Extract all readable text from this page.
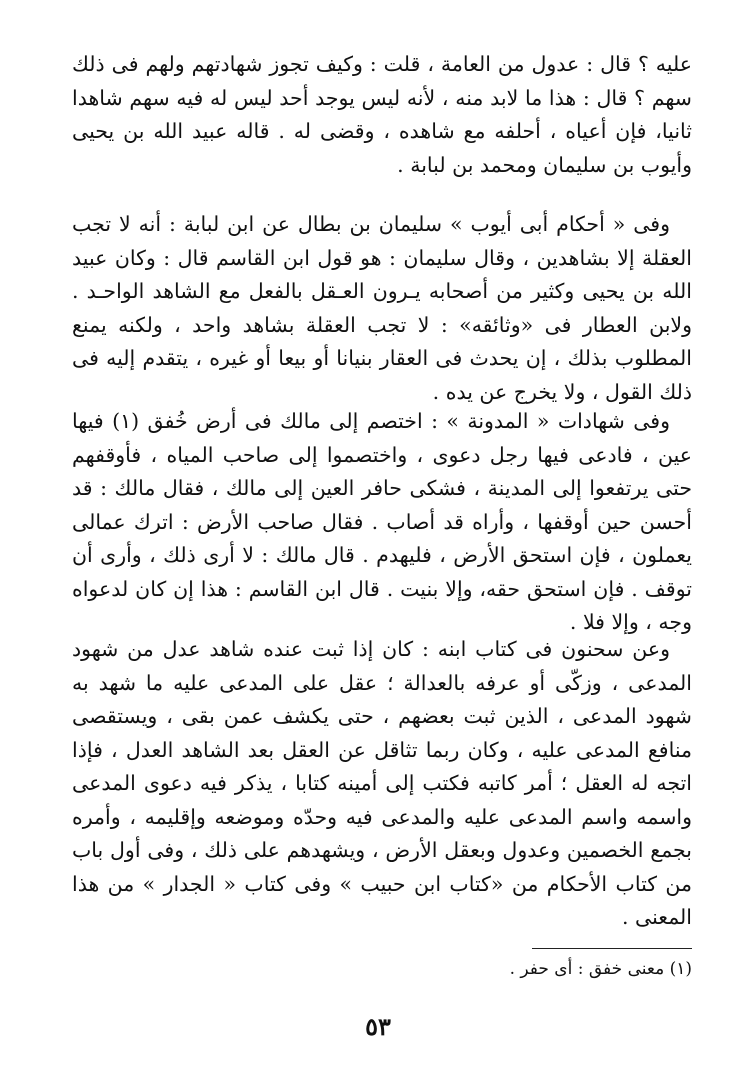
عليه ؟ قال : عدول من العامة ، قلت : وكيف تجوز شهادتهم ولهم فى ذلك سهم ؟ قال : هذا ما لابد منه ، لأنه ليس يوجد أحد ليس له فيه سهم شاهدا ثانيا، فإن أعياه ، أحلفه مع شاهده ، وقضى له . قاله عبيد الله بن يحيى وأيوب بن سليمان ومحمد بن لبابة .

وفى « أحكام أبى أيوب » سليمان بن بطال عن ابن لبابة : أنه لا تجب العقلة إلا بشاهدين ، وقال سليمان : هو قول ابن القاسم قال : وكان عبيد الله بن يحيى وكثير من أصحابه يـرون العـقل بالفعل مع الشاهد الواحـد . ولابن العطار فى «وثائقه» : لا تجب العقلة بشاهد واحد ، ولكنه يمنع المطلوب بذلك ، إن يحدث فى العقار بنيانا أو بيعا أو غيره ، يتقدم إليه فى ذلك القول ، ولا يخرج عن يده .

وفى شهادات « المدونة » : اختصم إلى مالك فى أرض خُفق (١) فيها عين ، فادعى فيها رجل دعوى ، واختصموا إلى صاحب المياه ، فأوقفهم حتى يرتفعوا إلى المدينة ، فشكى حافر العين إلى مالك ، فقال مالك : قد أحسن حين أوقفها ، وأراه قد أصاب . فقال صاحب الأرض : اترك عمالى يعملون ، فإن استحق الأرض ، فليهدم . قال مالك : لا أرى ذلك ، وأرى أن توقف . فإن استحق حقه، وإلا بنيت . قال ابن القاسم : هذا إن كان لدعواه وجه ، وإلا فلا .

وعن سحنون فى كتاب ابنه : كان إذا ثبت عنده شاهد عدل من شهود المدعى ، وزكّى أو عرفه بالعدالة ؛ عقل على المدعى عليه ما شهد به شهود المدعى ، الذين ثبت بعضهم ، حتى يكشف عمن بقى ، ويستقصى منافع المدعى عليه ، وكان ربما تثاقل عن العقل بعد الشاهد العدل ، فإذا اتجه له العقل ؛ أمر كاتبه فكتب إلى أمينه كتابا ، يذكر فيه دعوى المدعى واسمه واسم المدعى عليه والمدعى فيه وحدّه وموضعه وإقليمه ، وأمره بجمع الخصمين وعدول وبعقل الأرض ، ويشهدهم على ذلك ، وفى أول باب من كتاب الأحكام من «كتاب ابن حبيب » وفى كتاب « الجدار » من هذا المعنى .

(١) معنى خفق : أى حفر .
٥٣
